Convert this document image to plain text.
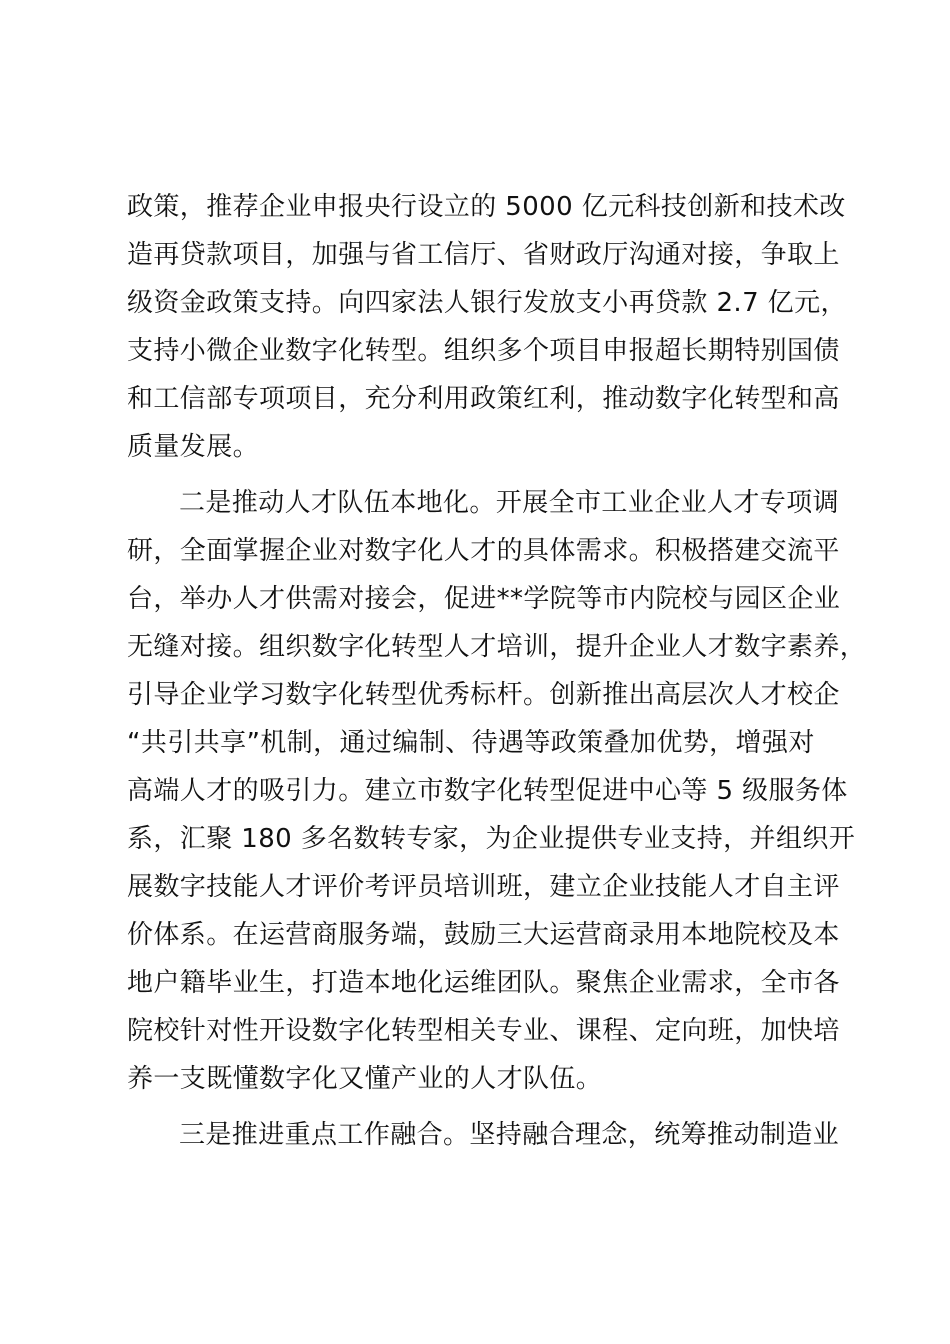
政策，推荐企业申报央行设立的 5000 亿元科技创新和技术改
造再贷款项目，加强与省工信厅、省财政厅沟通对接，争取上
级资金政策支持。向四家法人银行发放支小再贷款 2.7 亿元，
支持小微企业数字化转型。组织多个项目申报超长期特别国债
和工信部专项项目，充分利用政策红利，推动数字化转型和高
质量发展。
二是推动人才队伍本地化。开展全市工业企业人才专项调
研，全面掌握企业对数字化人才的具体需求。积极搭建交流平
台，举办人才供需对接会，促进**学院等市内院校与园区企业
无缝对接。组织数字化转型人才培训，提升企业人才数字素养，
引导企业学习数字化转型优秀标杆。创新推出高层次人才校企
“共引共享”机制，通过编制、待遇等政策叠加优势，增强对
高端人才的吸引力。建立市数字化转型促进中心等 5 级服务体
系，汇聚 180 多名数转专家，为企业提供专业支持，并组织开
展数字技能人才评价考评员培训班，建立企业技能人才自主评
价体系。在运营商服务端，鼓励三大运营商录用本地院校及本
地户籍毕业生，打造本地化运维团队。聚焦企业需求，全市各
院校针对性开设数字化转型相关专业、课程、定向班，加快培
养一支既懂数字化又懂产业的人才队伍。
三是推进重点工作融合。坚持融合理念，统筹推动制造业
